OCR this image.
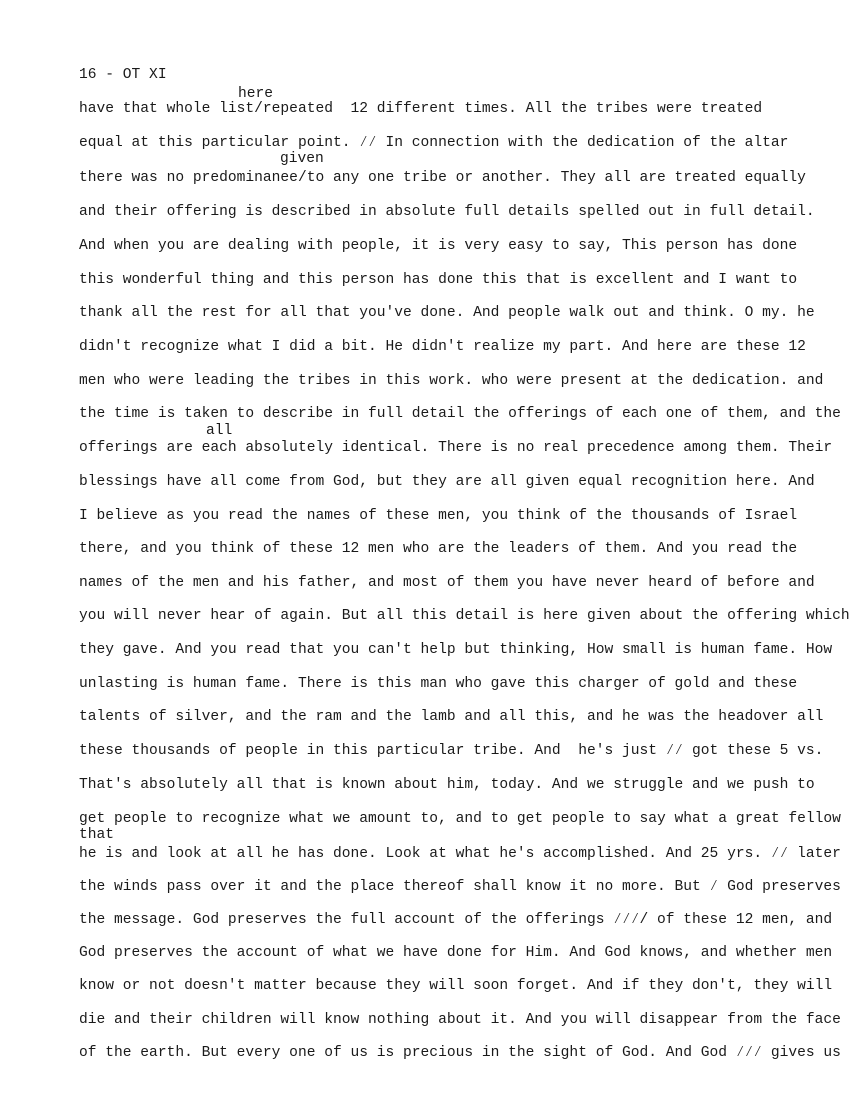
16 - OT XI
here
given
all
that
have that whole list/repeated  12 different times. All the tribes were treated
equal at this particular point. ⁄⁄ In connection with the dedication of the altar
there was no predominanee/to any one tribe or another. They all are treated equally
and their offering is described in absolute full details spelled out in full detail.
And when you are dealing with people, it is very easy to say, This person has done
this wonderful thing and this person has done this that is excellent and I want to
thank all the rest for all that you've done. And people walk out and think. O my. he
didn't recognize what I did a bit. He didn't realize my part. And here are these 12
men who were leading the tribes in this work. who were present at the dedication. and
the time is taken to describe in full detail the offerings of each one of them, and the
offerings are each absolutely identical. There is no real precedence among them. Their
blessings have all come from God, but they are all given equal recognition here. And
I believe as you read the names of these men, you think of the thousands of Israel
there, and you think of these 12 men who are the leaders of them. And you read the
names of the men and his father, and most of them you have never heard of before and
you will never hear of again. But all this detail is here given about the offering which
they gave. And you read that you can't help but thinking, How small is human fame. How
unlasting is human fame. There is this man who gave this charger of gold and these
talents of silver, and the ram and the lamb and all this, and he was the headover all
these thousands of people in this particular tribe. And  he's just ⁄⁄ got these 5 vs.
That's absolutely all that is known about him, today. And we struggle and we push to
get people to recognize what we amount to, and to get people to say what a great fellow
he is and look at all he has done. Look at what he's accomplished. And 25 yrs. ⁄⁄ later
the winds pass over it and the place thereof shall know it no more. But ⁄ God preserves
the message. God preserves the full account of the offerings ⁄⁄⁄/ of these 12 men, and
God preserves the account of what we have done for Him. And God knows, and whether men
know or not doesn't matter because they will soon forget. And if they don't, they will
die and their children will know nothing about it. And you will disappear from the face
of the earth. But every one of us is precious in the sight of God. And God ⁄⁄⁄ gives us
